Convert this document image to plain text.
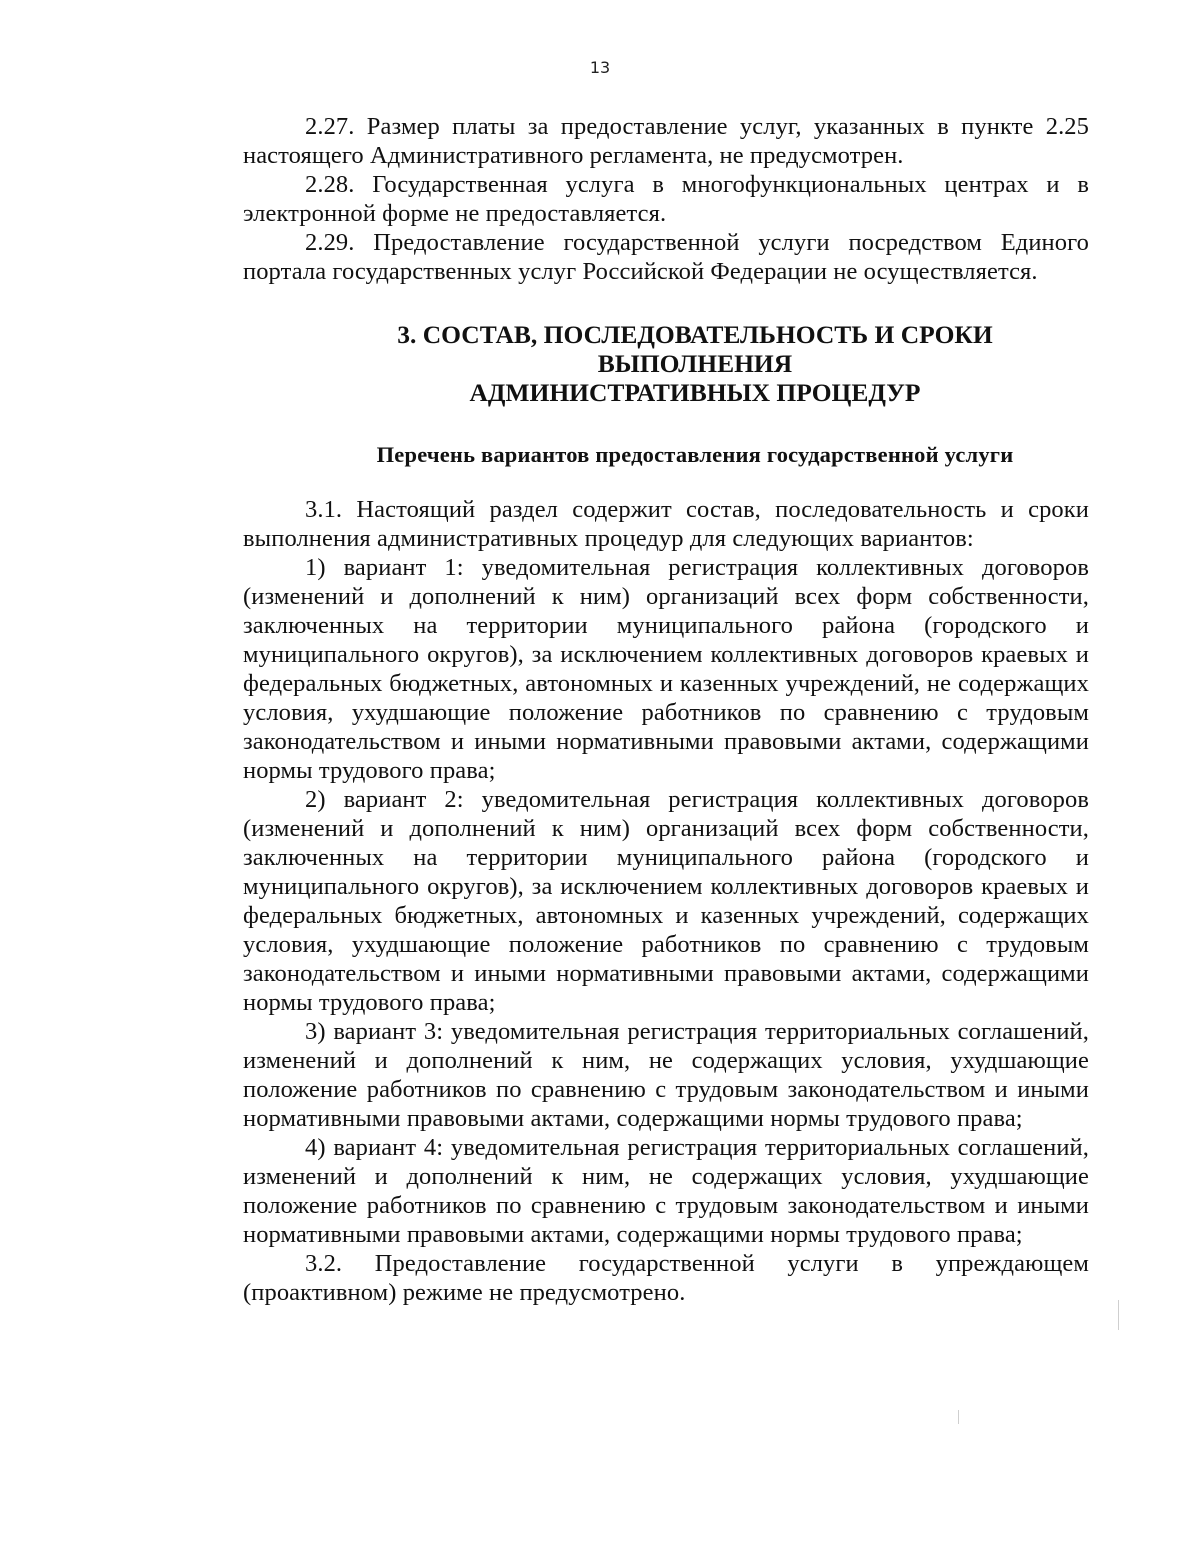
13

2.27. Размер платы за предоставление услуг, указанных в пункте 2.25 настоящего Административного регламента, не предусмотрен.

2.28. Государственная услуга в многофункциональных центрах и в электронной форме не предоставляется.

2.29. Предоставление государственной услуги посредством Единого портала государственных услуг Российской Федерации не осуществляется.

3. СОСТАВ, ПОСЛЕДОВАТЕЛЬНОСТЬ И СРОКИ
ВЫПОЛНЕНИЯ
АДМИНИСТРАТИВНЫХ ПРОЦЕДУР
Перечень вариантов предоставления государственной услуги

3.1. Настоящий раздел содержит состав, последовательность и сроки выполнения административных процедур для следующих вариантов:

1) вариант 1: уведомительная регистрация коллективных договоров (изменений и дополнений к ним) организаций всех форм собственности, заключенных на территории муниципального района (городского и муниципального округов), за исключением коллективных договоров краевых и федеральных бюджетных, автономных и казенных учреждений, не содержащих условия, ухудшающие положение работников по сравнению с трудовым законодательством и иными нормативными правовыми актами, содержащими нормы трудового права;

2) вариант 2: уведомительная регистрация коллективных договоров (изменений и дополнений к ним) организаций всех форм собственности, заключенных на территории муниципального района (городского и муниципального округов), за исключением коллективных договоров краевых и федеральных бюджетных, автономных и казенных учреждений, содержащих условия, ухудшающие положение работников по сравнению с трудовым законодательством и иными нормативными правовыми актами, содержащими нормы трудового права;

3) вариант 3: уведомительная регистрация территориальных соглашений, изменений и дополнений к ним, не содержащих условия, ухудшающие положение работников по сравнению с трудовым законодательством и иными нормативными правовыми актами, содержащими нормы трудового права;

4) вариант 4: уведомительная регистрация территориальных соглашений, изменений и дополнений к ним, не содержащих условия, ухудшающие положение работников по сравнению с трудовым законодательством и иными нормативными правовыми актами, содержащими нормы трудового права;

3.2. Предоставление государственной услуги в упреждающем (проактивном) режиме не предусмотрено.
